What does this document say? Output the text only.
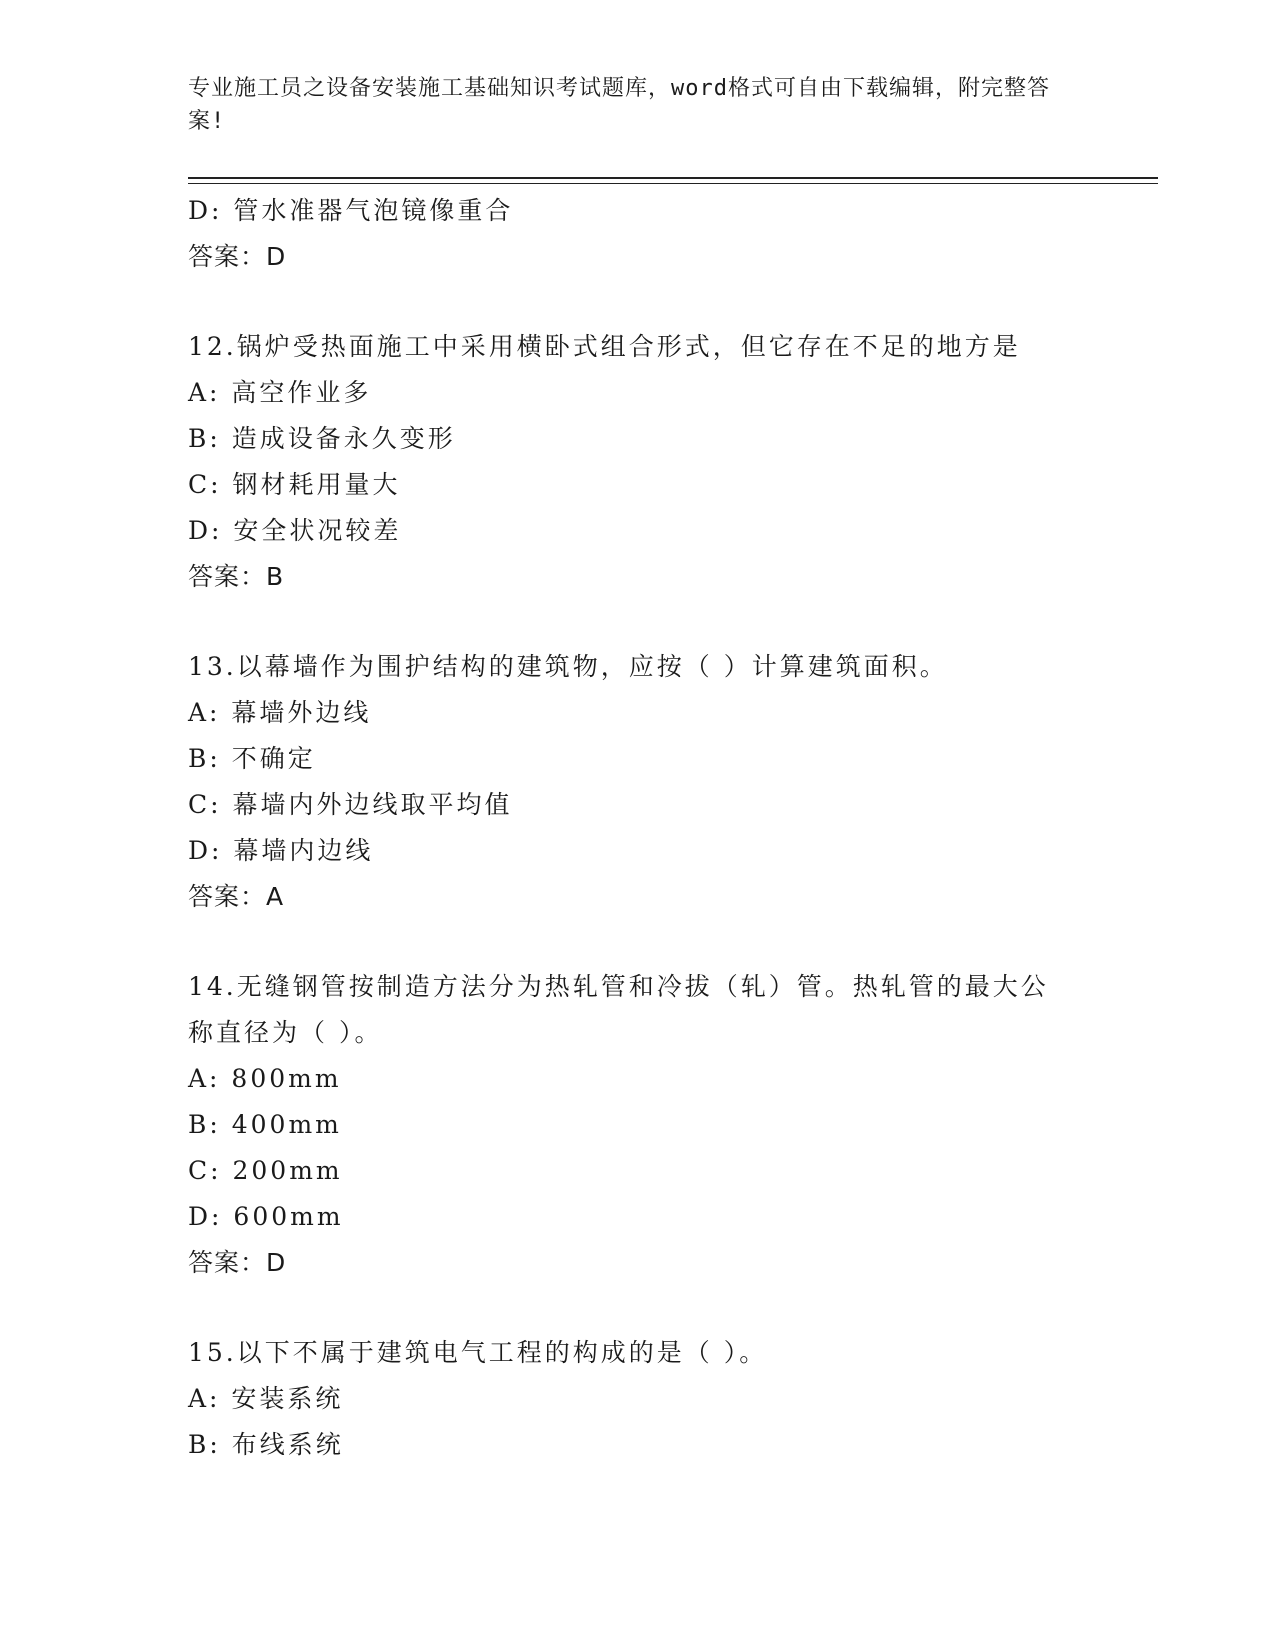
专业施工员之设备安装施工基础知识考试题库，word格式可自由下载编辑，附完整答案!
D: 管水准器气泡镜像重合
答案：D
12.锅炉受热面施工中采用横卧式组合形式，但它存在不足的地方是
A: 高空作业多
B: 造成设备永久变形
C: 钢材耗用量大
D: 安全状况较差
答案：B
13.以幕墙作为围护结构的建筑物，应按（ ）计算建筑面积。
A: 幕墙外边线
B: 不确定
C: 幕墙内外边线取平均值
D: 幕墙内边线
答案：A
14.无缝钢管按制造方法分为热轧管和冷拔（轧）管。热轧管的最大公称直径为（ ）。
A: 800mm
B: 400mm
C: 200mm
D: 600mm
答案：D
15.以下不属于建筑电气工程的构成的是（ ）。
A: 安装系统
B: 布线系统
